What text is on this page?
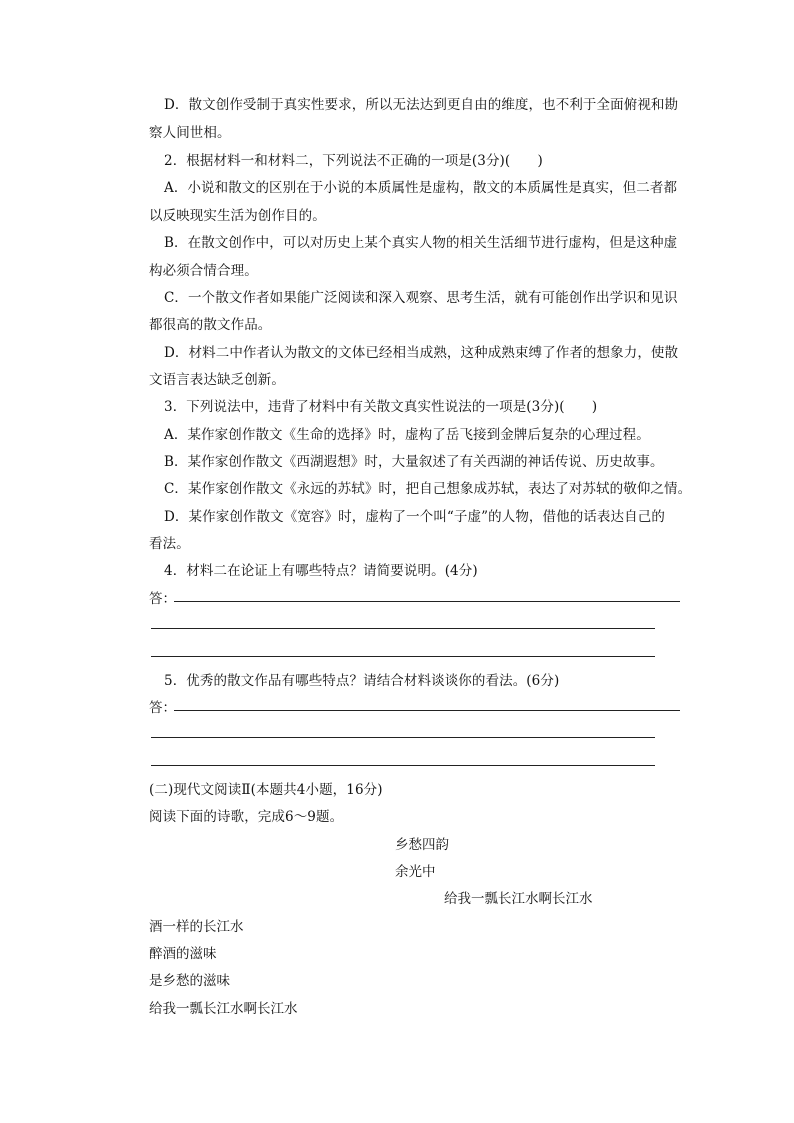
D．散文创作受制于真实性要求，所以无法达到更自由的维度，也不利于全面俯视和勘
察人间世相。
2．根据材料一和材料二，下列说法不正确的一项是(3分)(　　)
A．小说和散文的区别在于小说的本质属性是虚构，散文的本质属性是真实，但二者都
以反映现实生活为创作目的。
B．在散文创作中，可以对历史上某个真实人物的相关生活细节进行虚构，但是这种虚
构必须合情合理。
C．一个散文作者如果能广泛阅读和深入观察、思考生活，就有可能创作出学识和见识
都很高的散文作品。
D．材料二中作者认为散文的文体已经相当成熟，这种成熟束缚了作者的想象力，使散
文语言表达缺乏创新。
3．下列说法中，违背了材料中有关散文真实性说法的一项是(3分)(　　)
A．某作家创作散文《生命的选择》时，虚构了岳飞接到金牌后复杂的心理过程。
B．某作家创作散文《西湖遐想》时，大量叙述了有关西湖的神话传说、历史故事。
C．某作家创作散文《永远的苏轼》时，把自己想象成苏轼，表达了对苏轼的敬仰之情。
D．某作家创作散文《宽容》时，虚构了一个叫“子虚”的人物，借他的话表达自己的
看法。
4．材料二在论证上有哪些特点？请简要说明。(4分)
答：
5．优秀的散文作品有哪些特点？请结合材料谈谈你的看法。(6分)
答：
(二)现代文阅读Ⅱ(本题共4小题，16分)
阅读下面的诗歌，完成6～9题。
乡愁四韵
余光中
给我一瓢长江水啊长江水
酒一样的长江水
醉酒的滋味
是乡愁的滋味
给我一瓢长江水啊长江水
